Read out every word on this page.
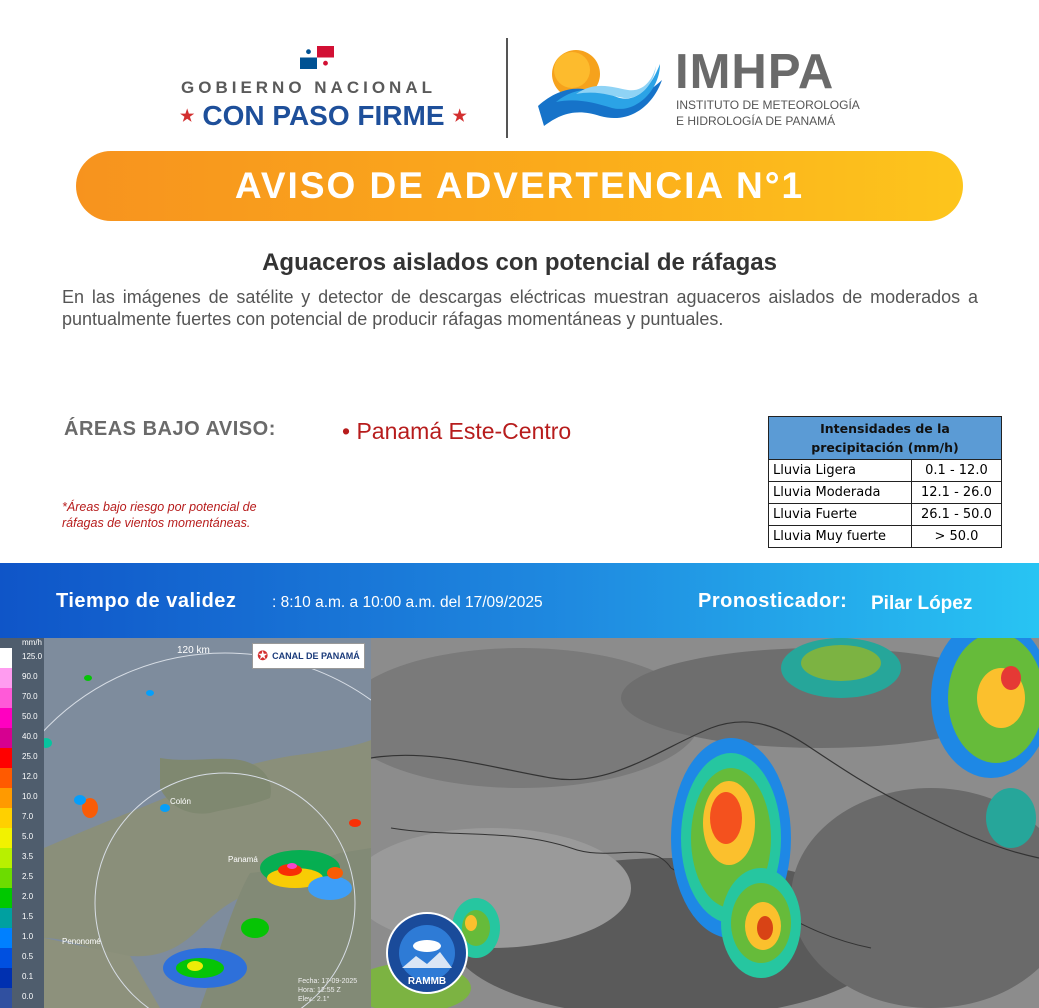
GOBIERNO NACIONAL
★ CON PASO FIRME ★
IMHPA
INSTITUTO DE METEOROLOGÍA
E HIDROLOGÍA DE PANAMÁ
AVISO DE ADVERTENCIA N°1
Aguaceros aislados con potencial de ráfagas
En las imágenes de satélite y detector de descargas eléctricas muestran aguaceros aislados de moderados a puntualmente fuertes con potencial de producir ráfagas momentáneas y puntuales.
ÁREAS BAJO AVISO:	• Panamá Este-Centro
*Áreas bajo riesgo por potencial de ráfagas de vientos momentáneas.
Intensidades de la precipitación (mm/h)	
Lluvia Ligera	0.1 - 12.0
Lluvia Moderada	12.1 - 26.0
Lluvia Fuerte	26.1 - 50.0
Lluvia Muy fuerte	> 50.0
Tiempo de validez : 8:10 a.m. a 10:00 a.m. del 17/09/2025	Pronosticador: Pilar López
mm/h
125.0
90.0
70.0
50.0
40.0
25.0
12.0
10.0
7.0
5.0
3.5
2.5
2.0
1.5
1.0
0.5
0.1
0.0
✪ CANAL DE PANAMÁ
120 km
Colón
Panamá
Penonomé
Fecha: 17-09-2025
Hora: 12:55 Z
Elev.: 2.1°
RAMMB
